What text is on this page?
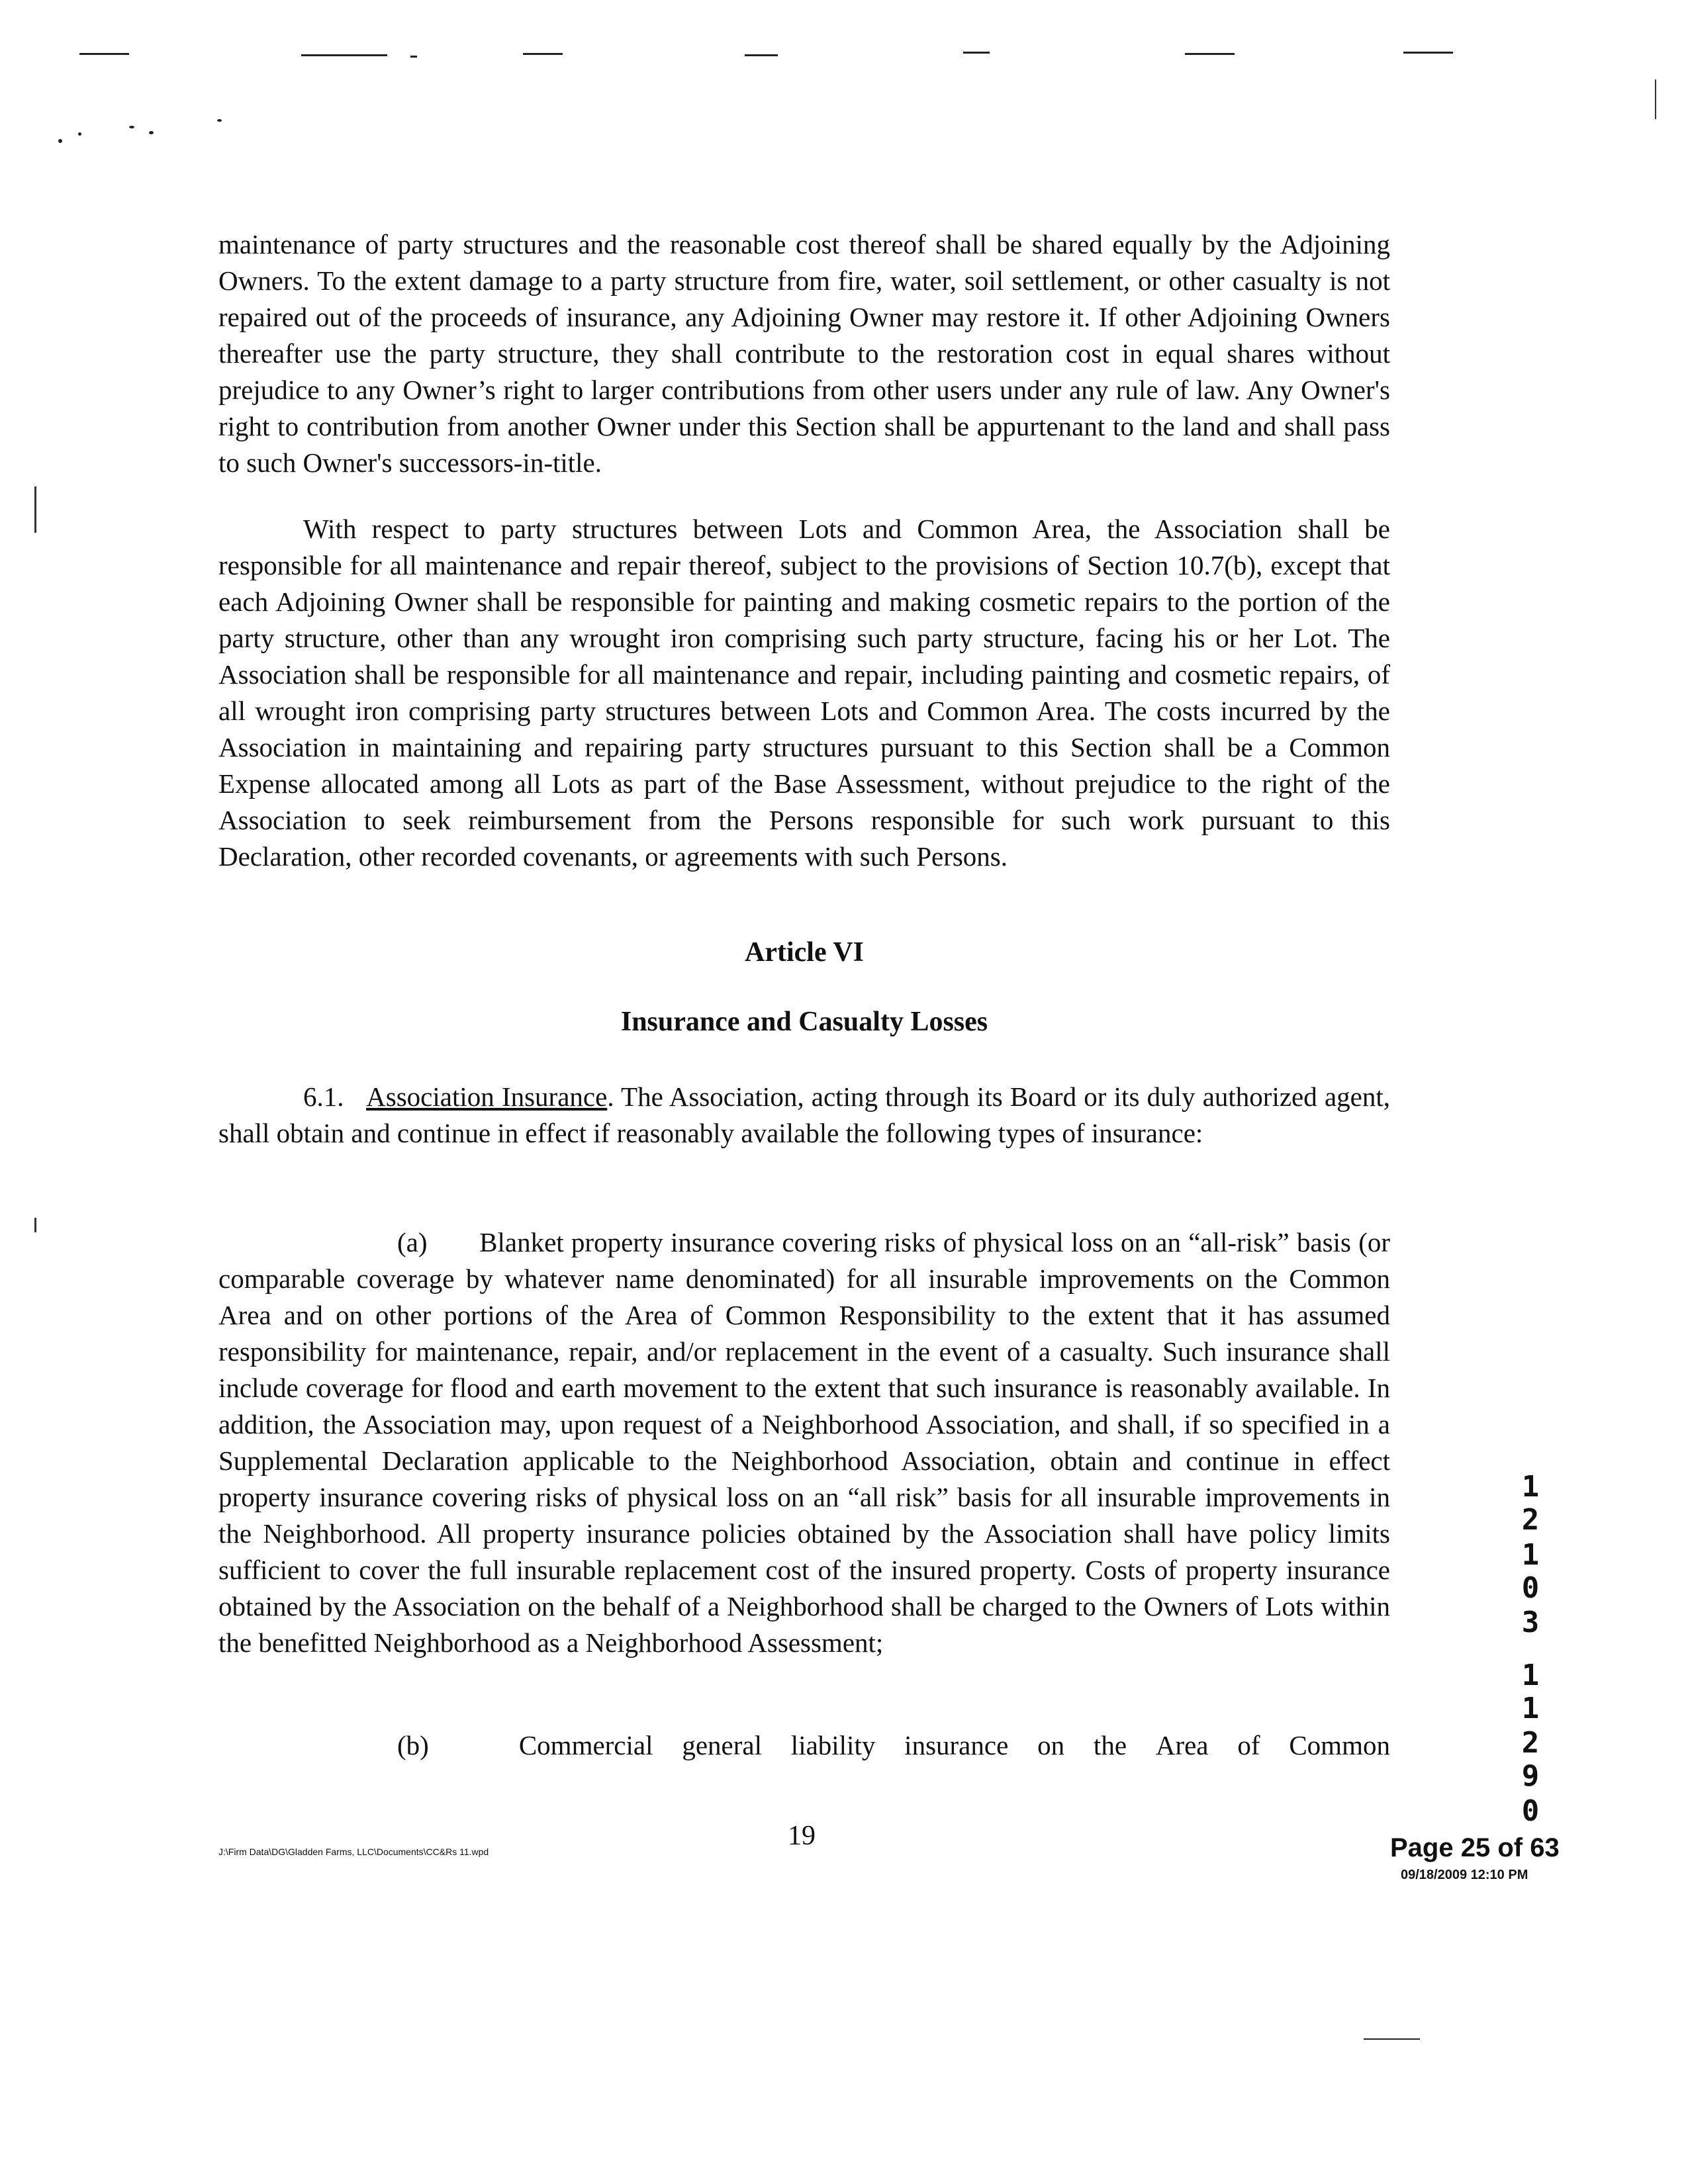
maintenance of party structures and the reasonable cost thereof shall be shared equally by the Adjoining Owners. To the extent damage to a party structure from fire, water, soil settlement, or other casualty is not repaired out of the proceeds of insurance, any Adjoining Owner may restore it. If other Adjoining Owners thereafter use the party structure, they shall contribute to the restoration cost in equal shares without prejudice to any Owner’s right to larger contributions from other users under any rule of law. Any Owner's right to contribution from another Owner under this Section shall be appurtenant to the land and shall pass to such Owner's successors-in-title.

With respect to party structures between Lots and Common Area, the Association shall be responsible for all maintenance and repair thereof, subject to the provisions of Section 10.7(b), except that each Adjoining Owner shall be responsible for painting and making cosmetic repairs to the portion of the party structure, other than any wrought iron comprising such party structure, facing his or her Lot. The Association shall be responsible for all maintenance and repair, including painting and cosmetic repairs, of all wrought iron comprising party structures between Lots and Common Area. The costs incurred by the Association in maintaining and repairing party structures pursuant to this Section shall be a Common Expense allocated among all Lots as part of the Base Assessment, without prejudice to the right of the Association to seek reimbursement from the Persons responsible for such work pursuant to this Declaration, other recorded covenants, or agreements with such Persons.

Article VI

Insurance and Casualty Losses

6.1. Association Insurance. The Association, acting through its Board or its duly authorized agent, shall obtain and continue in effect if reasonably available the following types of insurance:

(a) Blanket property insurance covering risks of physical loss on an “all-risk” basis (or comparable coverage by whatever name denominated) for all insurable improvements on the Common Area and on other portions of the Area of Common Responsibility to the extent that it has assumed responsibility for maintenance, repair, and/or replacement in the event of a casualty. Such insurance shall include coverage for flood and earth movement to the extent that such insurance is reasonably available. In addition, the Association may, upon request of a Neighborhood Association, and shall, if so specified in a Supplemental Declaration applicable to the Neighborhood Association, obtain and continue in effect property insurance covering risks of physical loss on an “all risk” basis for all insurable improvements in the Neighborhood. All property insurance policies obtained by the Association shall have policy limits sufficient to cover the full insurable replacement cost of the insured property. Costs of property insurance obtained by the Association on the behalf of a Neighborhood shall be charged to the Owners of Lots within the benefitted Neighborhood as a Neighborhood Assessment;

(b)	Commercial general liability insurance on the Area of Common
1
2
1
0
3
1
1
2
9
0
J:\Firm Data\DG\Gladden Farms, LLC\Documents\CC&Rs 11.wpd
19	Page 25 of 63
09/18/2009 12:10 PM
